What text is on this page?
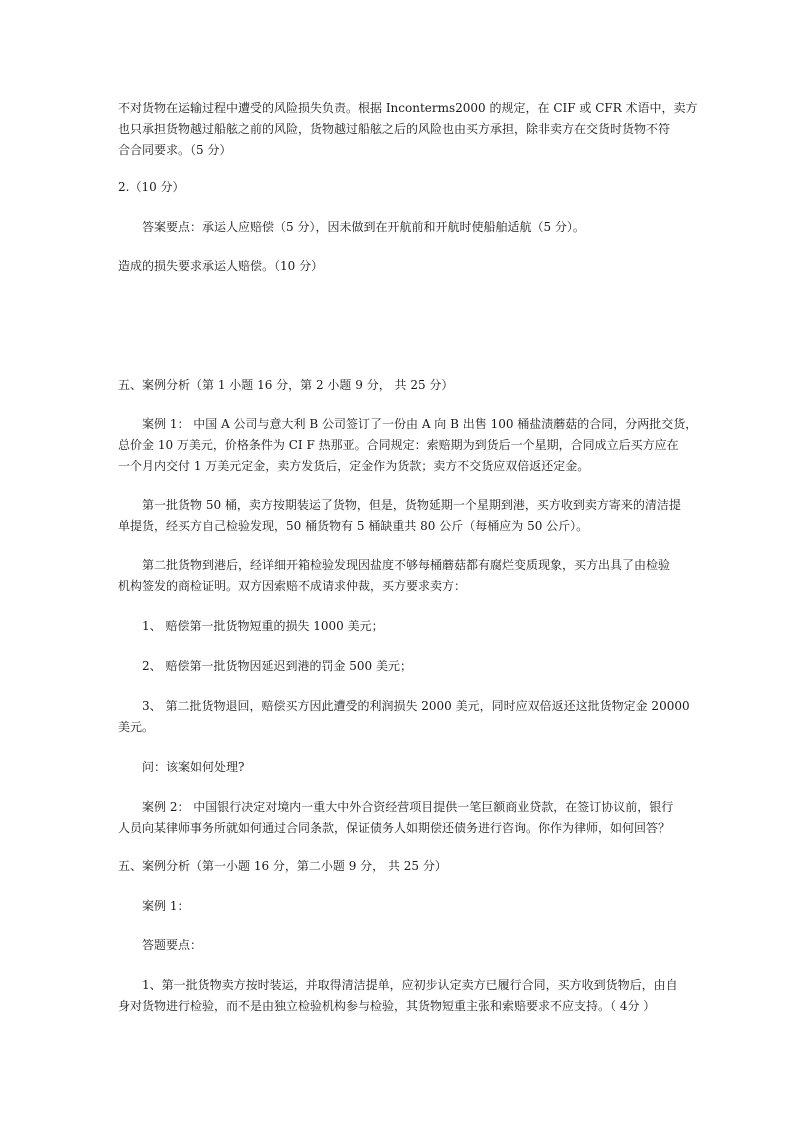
不对货物在运输过程中遭受的风险损失负责。根据 Inconterms2000 的规定，在 CIF 或 CFR 术语中，卖方
也只承担货物越过船舷之前的风险，货物越过船舷之后的风险也由买方承担，除非卖方在交货时货物不符
合合同要求。（5 分）
2.（10 分）
答案要点：承运人应赔偿（5 分），因未做到在开航前和开航时使船舶适航（5 分）。
造成的损失要求承运人赔偿。（10 分）
五、案例分析（第 1 小题 16 分，第 2 小题 9 分， 共 25 分）
案例 1： 中国 A 公司与意大利 B 公司签订了一份由 A 向 B 出售 100 桶盐渍蘑菇的合同，分两批交货，
总价金 10 万美元，价格条件为 CI F 热那亚。合同规定：索赔期为到货后一个星期，合同成立后买方应在
一个月内交付 1 万美元定金，卖方发货后，定金作为货款；卖方不交货应双倍返还定金。
第一批货物 50 桶，卖方按期装运了货物，但是，货物延期一个星期到港，买方收到卖方寄来的清洁提
单提货，经买方自己检验发现，50 桶货物有 5 桶缺重共 80 公斤（每桶应为 50 公斤）。
第二批货物到港后，经详细开箱检验发现因盐度不够每桶蘑菇都有腐烂变质现象，买方出具了由检验
机构签发的商检证明。双方因索赔不成请求仲裁，买方要求卖方：
1、 赔偿第一批货物短重的损失 1000 美元；
2、 赔偿第一批货物因延迟到港的罚金 500 美元；
3、 第二批货物退回，赔偿买方因此遭受的利润损失 2000 美元，同时应双倍返还这批货物定金 20000
美元。
问：该案如何处理?
案例 2： 中国银行决定对境内一重大中外合资经营项目提供一笔巨额商业贷款，在签订协议前，银行
人员向某律师事务所就如何通过合同条款，保证债务人如期偿还债务进行咨询。你作为律师，如何回答？
五、案例分析（第一小题 16 分，第二小题 9 分， 共 25 分）
案例 1：
答题要点：
1、第一批货物卖方按时装运，并取得清洁提单，应初步认定卖方已履行合同，买方收到货物后，由自
身对货物进行检验，而不是由独立检验机构参与检验，其货物短重主张和索赔要求不应支持。（ 4分 ）
